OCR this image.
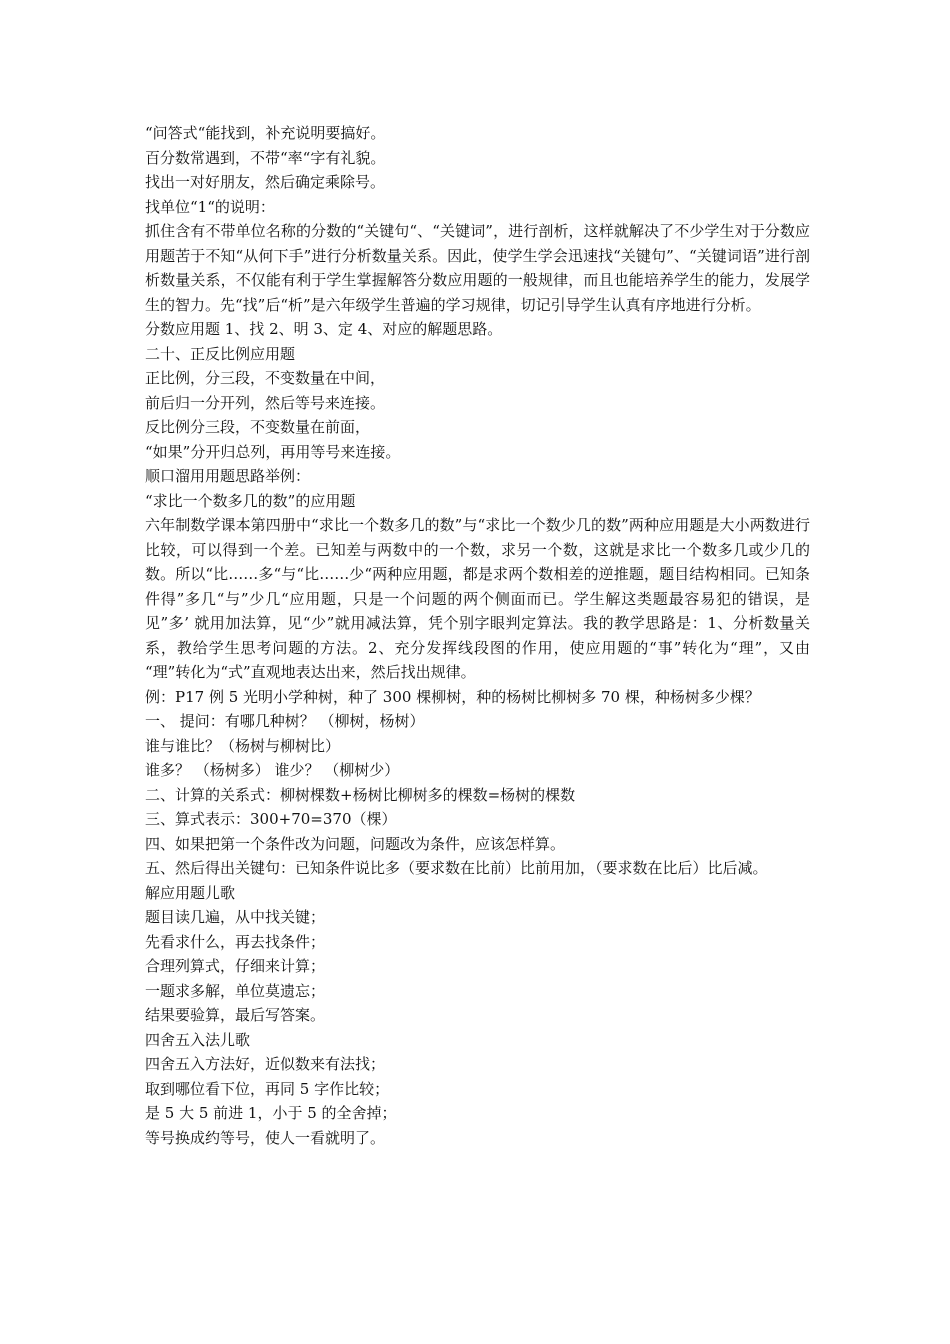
“问答式“能找到，补充说明要搞好。

百分数常遇到，不带“率“字有礼貌。

找出一对好朋友，然后确定乘除号。

找单位“1“的说明：

抓住含有不带单位名称的分数的“关键句“、“关键词”，进行剖析，这样就解决了不少学生对于分数应用题苦于不知“从何下手”进行分析数量关系。因此，使学生学会迅速找“关键句”、“关键词语”进行剖析数量关系，不仅能有利于学生掌握解答分数应用题的一般规律，而且也能培养学生的能力，发展学生的智力。先“找”后“析”是六年级学生普遍的学习规律，切记引导学生认真有序地进行分析。

分数应用题 1、找 2、明 3、定 4、对应的解题思路。

二十、正反比例应用题

正比例，分三段，不变数量在中间，

前后归一分开列，然后等号来连接。

反比例分三段，不变数量在前面，

“如果”分开归总列，再用等号来连接。

顺口溜用用题思路举例：

“求比一个数多几的数”的应用题

六年制数学课本第四册中“求比一个数多几的数”与“求比一个数少几的数”两种应用题是大小两数进行比较，可以得到一个差。已知差与两数中的一个数，求另一个数，这就是求比一个数多几或少几的数。所以“比……多“与“比……少“两种应用题，都是求两个数相差的逆推题，题目结构相同。已知条件得”多几“与”少几“应用题，只是一个问题的两个侧面而已。学生解这类题最容易犯的错误，是见”多’ 就用加法算，见“少”就用减法算，凭个别字眼判定算法。我的教学思路是：1、分析数量关系，教给学生思考问题的方法。2、充分发挥线段图的作用，使应用题的“事”转化为“理”，又由 “理”转化为“式”直观地表达出来，然后找出规律。

例：P17 例 5 光明小学种树，种了 300 棵柳树，种的杨树比柳树多 70 棵，种杨树多少棵？

一、 提问：有哪几种树？ （柳树，杨树）

谁与谁比？（杨树与柳树比）

谁多？ （杨树多） 谁少？ （柳树少）

二、计算的关系式：柳树棵数+杨树比柳树多的棵数=杨树的棵数

三、算式表示：300+70=370（棵）

四、如果把第一个条件改为问题，问题改为条件，应该怎样算。

五、然后得出关键句：已知条件说比多（要求数在比前）比前用加，（要求数在比后）比后减。

解应用题儿歌

题目读几遍，从中找关键；

先看求什么，再去找条件；

合理列算式，仔细来计算；

一题求多解，单位莫遗忘；

结果要验算，最后写答案。

四舍五入法儿歌

四舍五入方法好，近似数来有法找；

取到哪位看下位，再同 5 字作比较；

是 5 大 5 前进 1，小于 5 的全舍掉；

等号换成约等号，使人一看就明了。
